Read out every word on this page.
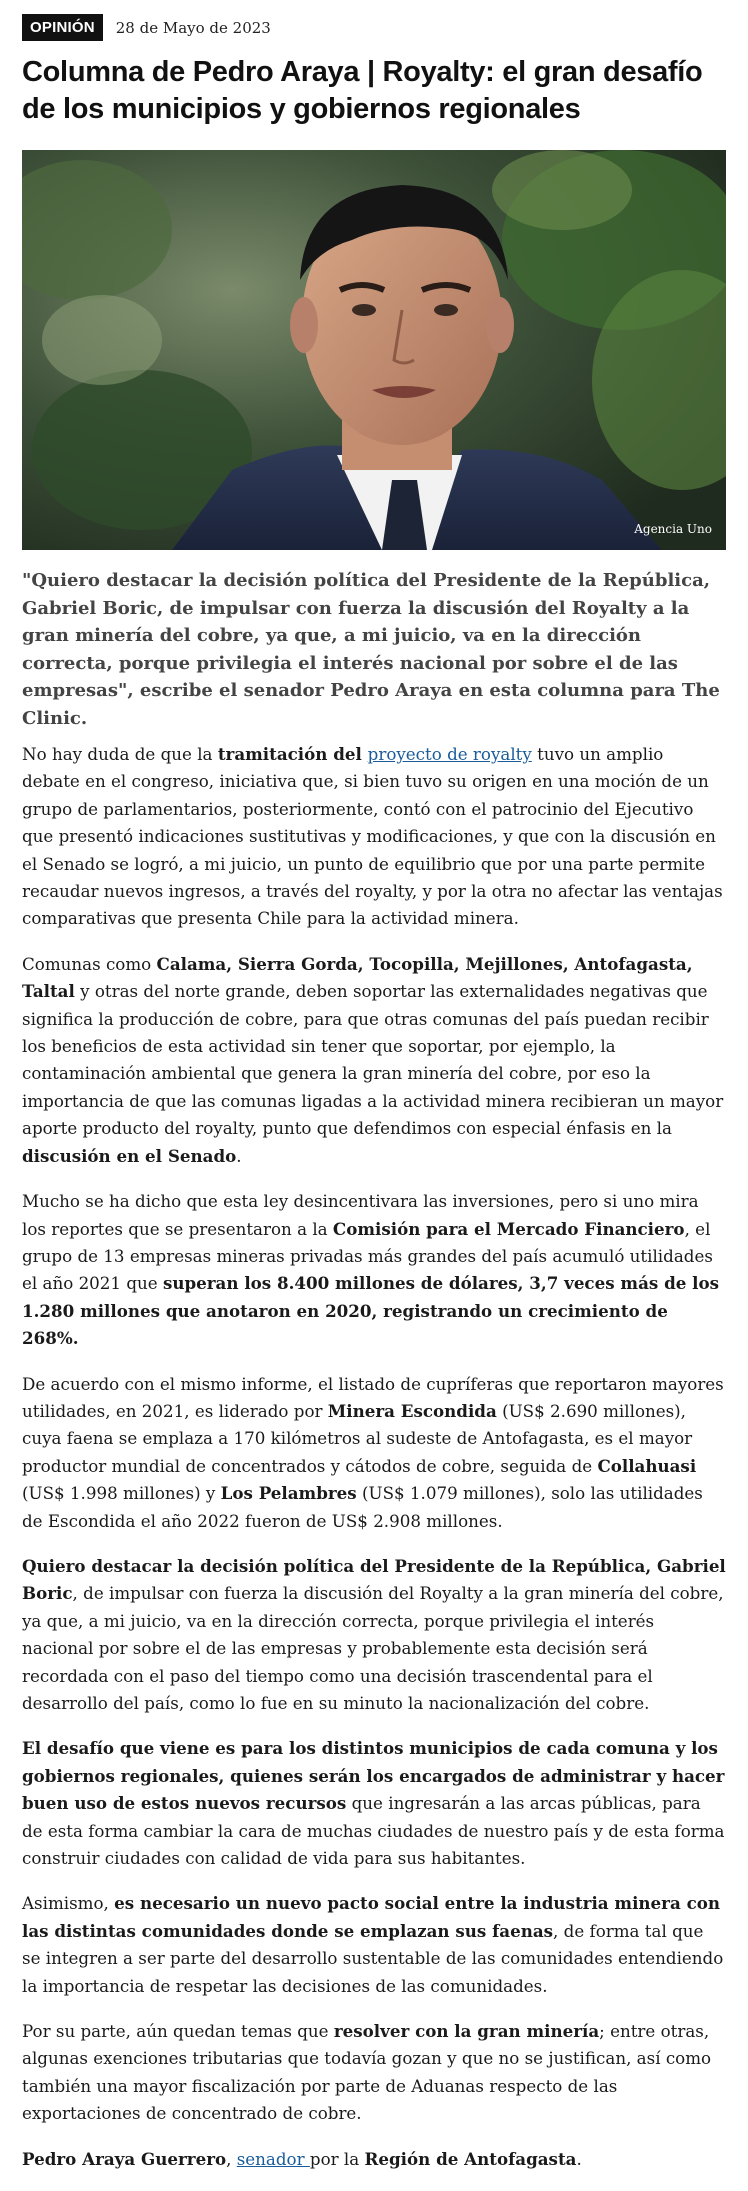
OPINIÓN	28 de Mayo de 2023
Columna de Pedro Araya | Royalty: el gran desafío de los municipios y gobiernos regionales
Agencia Uno

"Quiero destacar la decisión política del Presidente de la República, Gabriel Boric, de impulsar con fuerza la discusión del Royalty a la gran minería del cobre, ya que, a mi juicio, va en la dirección correcta, porque privilegia el interés nacional por sobre el de las empresas", escribe el senador Pedro Araya en esta columna para The Clinic.

No hay duda de que la tramitación del proyecto de royalty tuvo un amplio debate en el congreso, iniciativa que, si bien tuvo su origen en una moción de un grupo de parlamentarios, posteriormente, contó con el patrocinio del Ejecutivo que presentó indicaciones sustitutivas y modificaciones, y que con la discusión en el Senado se logró, a mi juicio, un punto de equilibrio que por una parte permite recaudar nuevos ingresos, a través del royalty, y por la otra no afectar las ventajas comparativas que presenta Chile para la actividad minera.

Comunas como Calama, Sierra Gorda, Tocopilla, Mejillones, Antofagasta, Taltal y otras del norte grande, deben soportar las externalidades negativas que significa la producción de cobre, para que otras comunas del país puedan recibir los beneficios de esta actividad sin tener que soportar, por ejemplo, la contaminación ambiental que genera la gran minería del cobre, por eso la importancia de que las comunas ligadas a la actividad minera recibieran un mayor aporte producto del royalty, punto que defendimos con especial énfasis en la discusión en el Senado.

Mucho se ha dicho que esta ley desincentivara las inversiones, pero si uno mira los reportes que se presentaron a la Comisión para el Mercado Financiero, el grupo de 13 empresas mineras privadas más grandes del país acumuló utilidades el año 2021 que superan los 8.400 millones de dólares, 3,7 veces más de los 1.280 millones que anotaron en 2020, registrando un crecimiento de 268%.

De acuerdo con el mismo informe, el listado de cupríferas que reportaron mayores utilidades, en 2021, es liderado por Minera Escondida (US$ 2.690 millones), cuya faena se emplaza a 170 kilómetros al sudeste de Antofagasta, es el mayor productor mundial de concentrados y cátodos de cobre, seguida de Collahuasi (US$ 1.998 millones) y Los Pelambres (US$ 1.079 millones), solo las utilidades de Escondida el año 2022 fueron de US$ 2.908 millones.

Quiero destacar la decisión política del Presidente de la República, Gabriel Boric, de impulsar con fuerza la discusión del Royalty a la gran minería del cobre, ya que, a mi juicio, va en la dirección correcta, porque privilegia el interés nacional por sobre el de las empresas y probablemente esta decisión será recordada con el paso del tiempo como una decisión trascendental para el desarrollo del país, como lo fue en su minuto la nacionalización del cobre.

El desafío que viene es para los distintos municipios de cada comuna y los gobiernos regionales, quienes serán los encargados de administrar y hacer buen uso de estos nuevos recursos que ingresarán a las arcas públicas, para de esta forma cambiar la cara de muchas ciudades de nuestro país y de esta forma construir ciudades con calidad de vida para sus habitantes.

Asimismo, es necesario un nuevo pacto social entre la industria minera con las distintas comunidades donde se emplazan sus faenas, de forma tal que se integren a ser parte del desarrollo sustentable de las comunidades entendiendo la importancia de respetar las decisiones de las comunidades.

Por su parte, aún quedan temas que resolver con la gran minería; entre otras, algunas exenciones tributarias que todavía gozan y que no se justifican, así como también una mayor fiscalización por parte de Aduanas respecto de las exportaciones de concentrado de cobre.

Pedro Araya Guerrero, senador por la Región de Antofagasta.
